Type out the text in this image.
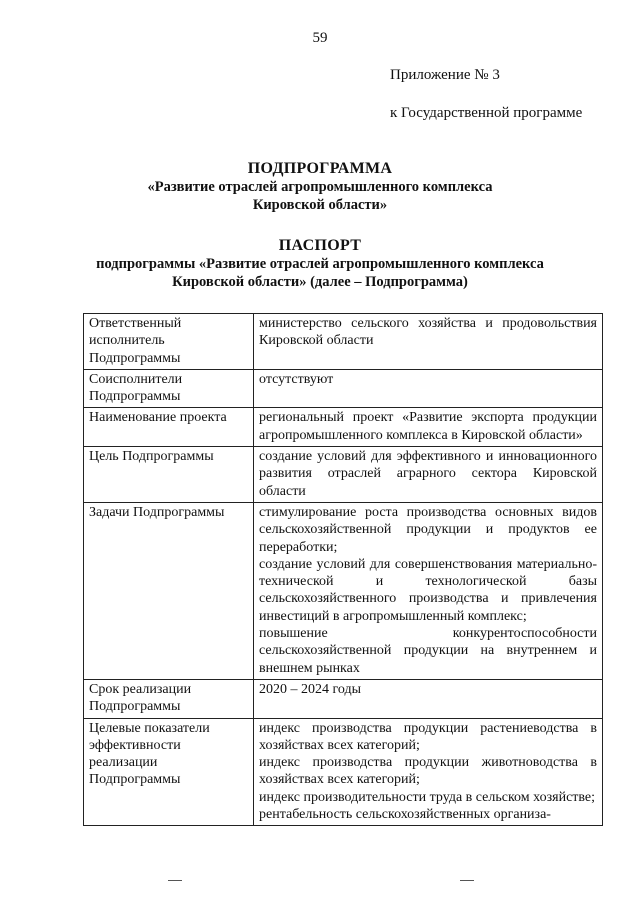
59
Приложение № 3
к Государственной программе
ПОДПРОГРАММА
«Развитие отраслей агропромышленного комплекса
Кировской области»
ПАСПОРТ
подпрограммы «Развитие отраслей агропромышленного комплекса
Кировской области» (далее – Подпрограмма)
Ответственный исполнитель Подпрограммы	министерство сельского хозяйства и продовольствия Кировской области

Соисполнители Подпрограммы	отсутствуют

Наименование проекта	региональный проект «Развитие экспорта продукции агропромышленного комплекса в Кировской области»

Цель Подпрограммы	создание условий для эффективного и инновационного развития отраслей аграрного сектора Кировской области

Задачи Подпрограммы	стимулирование роста производства основных видов сельскохозяйственной продукции и продуктов ее переработки;
создание условий для совершенствования материально-технической и технологической базы сельскохозяйственного производства и привлечения инвестиций в агропромышленный комплекс;
повышение конкурентоспособности сельскохозяйственной продукции на внутреннем и внешнем рынках

Срок реализации Подпрограммы	2020 – 2024 годы

Целевые показатели эффективности реализации Подпрограммы	индекс производства продукции растениеводства в хозяйствах всех категорий;
индекс производства продукции животноводства в хозяйствах всех категорий;
индекс производительности труда в сельском хозяйстве;
рентабельность сельскохозяйственных организа-
